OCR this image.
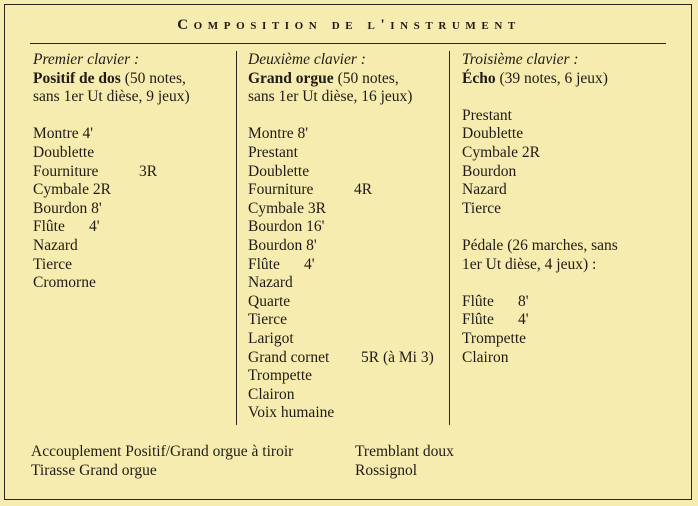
Composition de l'instrument
Premier clavier :
Positif de dos (50 notes,
sans 1er Ut dièse, 9 jeux)
Montre 4'
Doublette
Fourniture	3R
Cymbale 2R
Bourdon 8'
Flûte 4'
Nazard
Tierce
Cromorne
Deuxième clavier :
Grand orgue (50 notes,
sans 1er Ut dièse, 16 jeux)
Montre 8'
Prestant
Doublette
Fourniture	4R
Cymbale 3R
Bourdon 16'
Bourdon 8'
Flûte 4'
Nazard
Quarte
Tierce
Larigot
Grand cornet 5R (à Mi 3)
Trompette
Clairon
Voix humaine
Troisième clavier :
Écho (39 notes, 6 jeux)
Prestant
Doublette
Cymbale 2R
Bourdon
Nazard
Tierce
Pédale (26 marches, sans
1er Ut dièse, 4 jeux) :
Flûte 8'
Flûte 4'
Trompette
Clairon
Accouplement Positif/Grand orgue à tiroir
Tirasse Grand orgue
Tremblant doux
Rossignol
